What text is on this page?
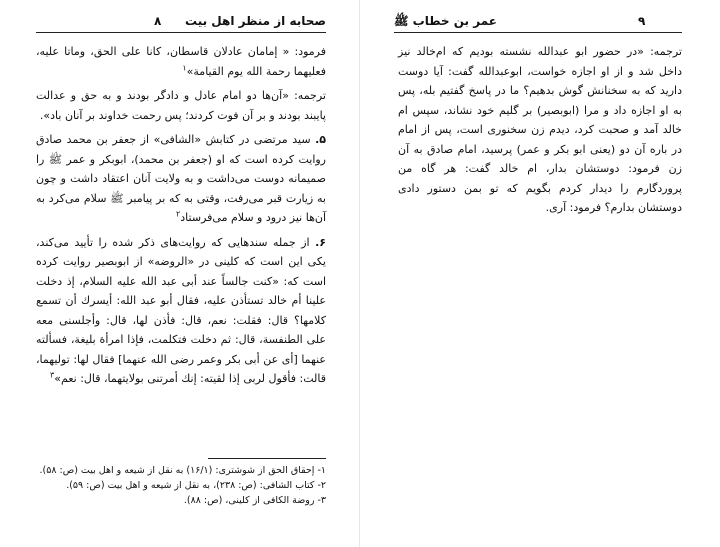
۸ صحابه از منظر اهل بیت

فرمود: « إماما‌ن عادلا‌ن قاسطا‌ن، کانا علی الحق، وماتا علیه، فعلیهما رحمة الله یوم القیامة»$^۱$

ترجمه: «آن‌ها دو امام عادل و دادگر بودند و به حق و عدالت پایبند بودند و بر آن فوت کردند؛ پس رحمت خداوند بر آنان باد».

۵. سید مرتضی در کتابش «الشافی» از جعفر بن محمد صادق روایت کرده است که او (جعفر بن محمد)، ابوبکر و عمر ﷺ را صمیمانه دوست می‌داشت و به ولایت آنان اعتقاد داشت و چون به زیارت قبر می‌رفت، وقتی به که بر پیامبر ﷺ سلام می‌کرد به آن‌ها نیز درود و سلام می‌فرستاد$^۲$

۶. از جمله سندهایی که روایت‌های ذکر شده را تأیید می‌کند، یکی این است که کلینی در «الروضه» از ابوبصیر روایت کرده است که: «کنت جالساً عند أبی عبد الله علیه السلام، إذ دخلت علینا أم خالد تستأذن علیه، فقال أبو عبد الله: أیسرك أن تسمع کلامها؟ قال: فقلت: نعم، قال: فأذن لها، قال: وأجلسنی معه علی الطنفسة، قال: ثم دخلت فتکلمت، فإذا امرأة بلیغة، فسألته عنهما [أی عن أبی بکر وعمر رضی الله عنهما] فقال لها: تولیهما، قالت: فأقول لربی إذا لقیته: إنك أمرتنی بولایتهما، قال: نعم»$^۳$

۱- إحقاق الحق از شوشتری: (۱۶/۱) به نقل از شیعه و اهل بیت (ص: ۵۸).

۲- کتاب الشافی: (ص: ۲۳۸)، به نقل از شیعه و اهل بیت (ص: ۵۹).

۳- روضة الکافی از کلینی، (ص: ۸۸).

۹
عمر بن خطاب ﷺ

ترجمه: «در حضور ابو عبدالله نشسته بودیم که ام‌خالد نیز داخل شد و از او اجازه خواست، ابوعبدالله گفت: آیا دوست دارید که به سخنانش گوش بدهیم؟ ما در پاسخ گفتیم بله، پس به او اجازه داد و مرا (ابوبصیر) بر گلیم خود نشاند، سپس ام خالد آمد و صحبت کرد، دیدم زن سخنوری است، پس از امام در باره آن دو (یعنی ابو بکر و عمر) پرسید، امام صادق به آن زن فرمود: دوستشان بدار، ام خالد گفت: هر گاه من پروردگارم را دیدار کردم بگویم که تو بمن دستور دادی دوستشان بدارم؟ فرمود: آری.
